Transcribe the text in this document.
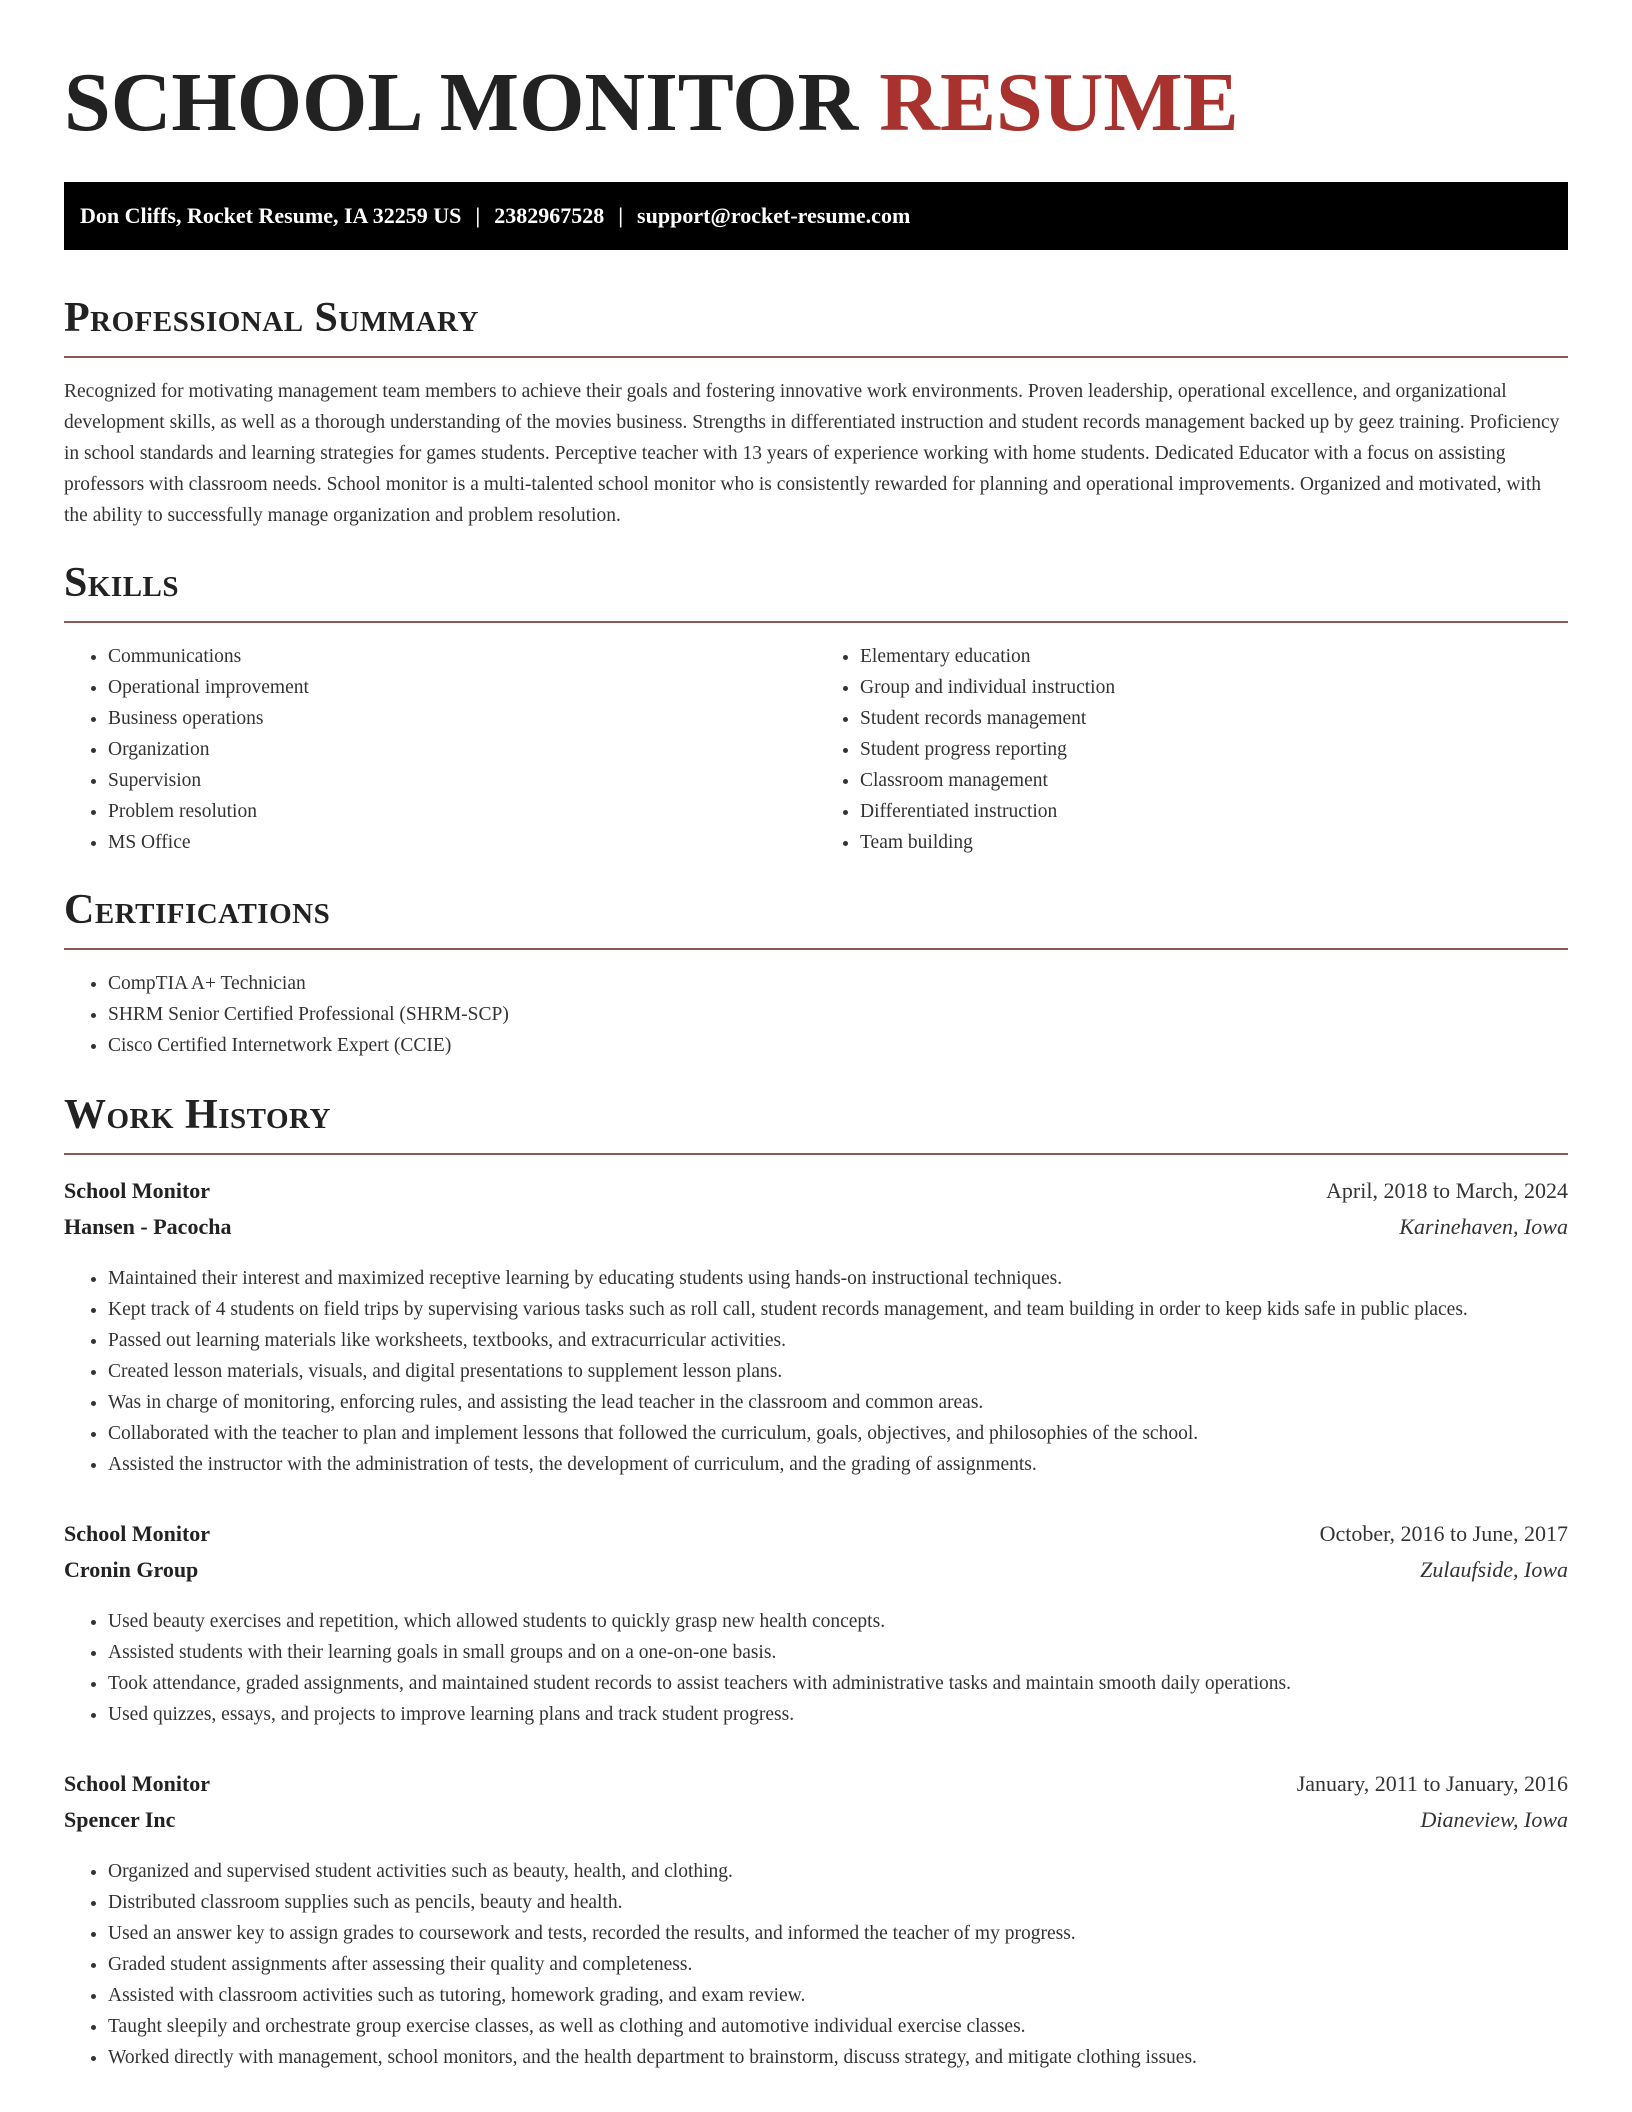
SCHOOL MONITOR RESUME
Don Cliffs, Rocket Resume, IA 32259 US | 2382967528 | support@rocket-resume.com
Professional Summary

Recognized for motivating management team members to achieve their goals and fostering innovative work environments. Proven leadership, operational excellence, and organizational development skills, as well as a thorough understanding of the movies business. Strengths in differentiated instruction and student records management backed up by geez training. Proficiency in school standards and learning strategies for games students. Perceptive teacher with 13 years of experience working with home students. Dedicated Educator with a focus on assisting professors with classroom needs. School monitor is a multi-talented school monitor who is consistently rewarded for planning and operational improvements. Organized and motivated, with the ability to successfully manage organization and problem resolution.

Skills
• Communications
• Operational improvement
• Business operations
• Organization
• Supervision
• Problem resolution
• MS Office
• Elementary education
• Group and individual instruction
• Student records management
• Student progress reporting
• Classroom management
• Differentiated instruction
• Team building
Certifications
• CompTIA A+ Technician
• SHRM Senior Certified Professional (SHRM-SCP)
• Cisco Certified Internetwork Expert (CCIE)
Work History
School Monitor	April, 2018 to March, 2024
Hansen - Pacocha	Karinehaven, Iowa
• Maintained their interest and maximized receptive learning by educating students using hands-on instructional techniques.
• Kept track of 4 students on field trips by supervising various tasks such as roll call, student records management, and team building in order to keep kids safe in public places.
• Passed out learning materials like worksheets, textbooks, and extracurricular activities.
• Created lesson materials, visuals, and digital presentations to supplement lesson plans.
• Was in charge of monitoring, enforcing rules, and assisting the lead teacher in the classroom and common areas.
• Collaborated with the teacher to plan and implement lessons that followed the curriculum, goals, objectives, and philosophies of the school.
• Assisted the instructor with the administration of tests, the development of curriculum, and the grading of assignments.
School Monitor	October, 2016 to June, 2017
Cronin Group	Zulaufside, Iowa
• Used beauty exercises and repetition, which allowed students to quickly grasp new health concepts.
• Assisted students with their learning goals in small groups and on a one-on-one basis.
• Took attendance, graded assignments, and maintained student records to assist teachers with administrative tasks and maintain smooth daily operations.
• Used quizzes, essays, and projects to improve learning plans and track student progress.
School Monitor	January, 2011 to January, 2016
Spencer Inc	Dianeview, Iowa
• Organized and supervised student activities such as beauty, health, and clothing.
• Distributed classroom supplies such as pencils, beauty and health.
• Used an answer key to assign grades to coursework and tests, recorded the results, and informed the teacher of my progress.
• Graded student assignments after assessing their quality and completeness.
• Assisted with classroom activities such as tutoring, homework grading, and exam review.
• Taught sleepily and orchestrate group exercise classes, as well as clothing and automotive individual exercise classes.
• Worked directly with management, school monitors, and the health department to brainstorm, discuss strategy, and mitigate clothing issues.
